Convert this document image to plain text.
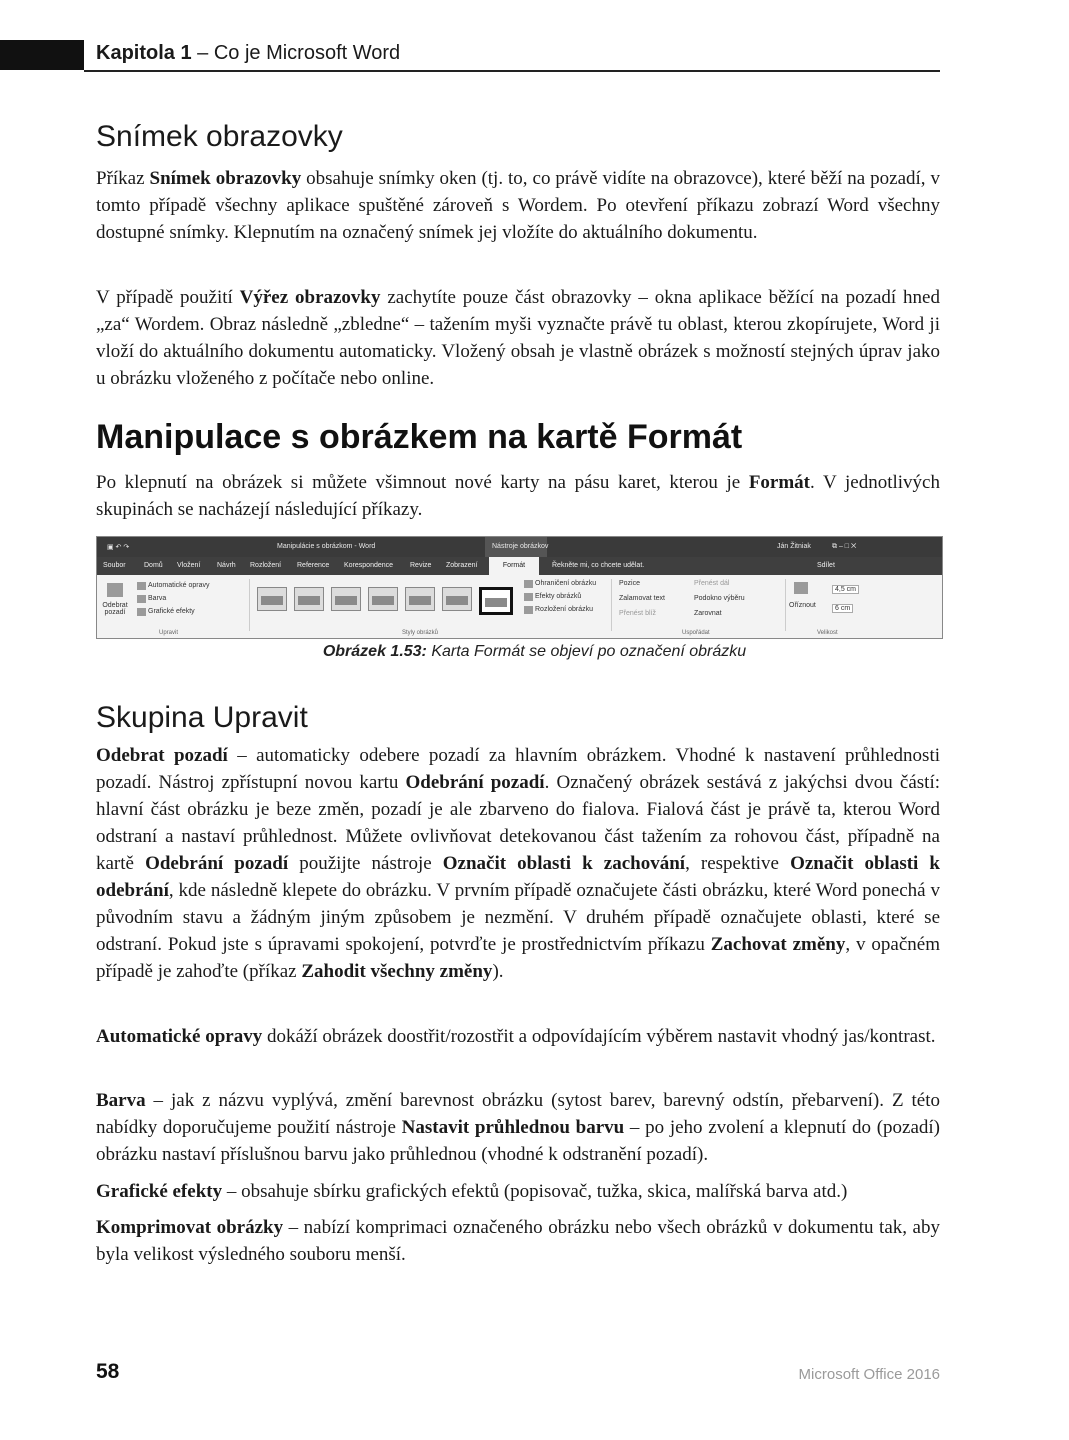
Kapitola 1 – Co je Microsoft Word
Snímek obrazovky

Příkaz Snímek obrazovky obsahuje snímky oken (tj. to, co právě vidíte na obrazovce), které běží na pozadí, v tomto případě všechny aplikace spuštěné zároveň s Wordem. Po otevření příkazu zobrazí Word všechny dostupné snímky. Klepnutím na označený snímek jej vložíte do aktuálního dokumentu.

V případě použití Výřez obrazovky zachytíte pouze část obrazovky – okna aplikace běžící na pozadí hned „za“ Wordem. Obraz následně „zbledne“ – tažením myši vyznačte právě tu oblast, kterou zkopírujete, Word ji vloží do aktuálního dokumentu automaticky. Vložený obsah je vlastně obrázek s možností stejných úprav jako u obrázku vloženého z počítače nebo online.

Manipulace s obrázkem na kartě Formát

Po klepnutí na obrázek si můžete všimnout nové karty na pásu karet, kterou je Formát. V jednotlivých skupinách se nacházejí následující příkazy.

▣ ↶ ↷	Manipulácie s obrázkom - Word	Nástroje obrázkov	Ján Žitniak	⧉ – □ ✕
Soubor	Domů Vložení Návrh Rozložení Reference Korespondence Revize Zobrazení	Formát	Řekněte mi, co chcete udělat.	Sdílet
Odebrat pozadí
Automatické opravy
Barva
Grafické efekty
Upravit	Styly obrázků
Ohraničení obrázku
Efekty obrázků
Rozložení obrázku
Pozice
Zalamovat text
Přenést blíž
Přenést dál
Podokno výběru
Zarovnat
Uspořádat
Oříznout
4,5 cm
6 cm
Velikost
Obrázek 1.53: Karta Formát se objeví po označení obrázku
Skupina Upravit

Odebrat pozadí – automaticky odebere pozadí za hlavním obrázkem. Vhodné k nastavení průhlednosti pozadí. Nástroj zpřístupní novou kartu Odebrání pozadí. Označený obrázek sestává z jakýchsi dvou částí: hlavní část obrázku je beze změn, pozadí je ale zbarveno do fialova. Fialová část je právě ta, kterou Word odstraní a nastaví průhlednost. Můžete ovlivňovat detekovanou část tažením za rohovou část, případně na kartě Odebrání pozadí použijte nástroje Označit oblasti k zachování, respektive Označit oblasti k odebrání, kde následně klepete do obrázku. V prvním případě označujete části obrázku, které Word ponechá v původním stavu a žádným jiným způsobem je nezmění. V druhém případě označujete oblasti, které se odstraní. Pokud jste s úpravami spokojení, potvrďte je prostřednictvím příkazu Zachovat změny, v opačném případě je zahoďte (příkaz Zahodit všechny změny).

Automatické opravy dokáží obrázek doostřit/rozostřit a odpovídajícím výběrem nastavit vhodný jas/kontrast.

Barva – jak z názvu vyplývá, změní barevnost obrázku (sytost barev, barevný odstín, přebarvení). Z této nabídky doporučujeme použití nástroje Nastavit průhlednou barvu – po jeho zvolení a klepnutí do (pozadí) obrázku nastaví příslušnou barvu jako průhlednou (vhodné k odstranění pozadí).

Grafické efekty – obsahuje sbírku grafických efektů (popisovač, tužka, skica, malířská barva atd.)

Komprimovat obrázky – nabízí komprimaci označeného obrázku nebo všech obrázků v dokumentu tak, aby byla velikost výsledného souboru menší.

58	Microsoft Office 2016
